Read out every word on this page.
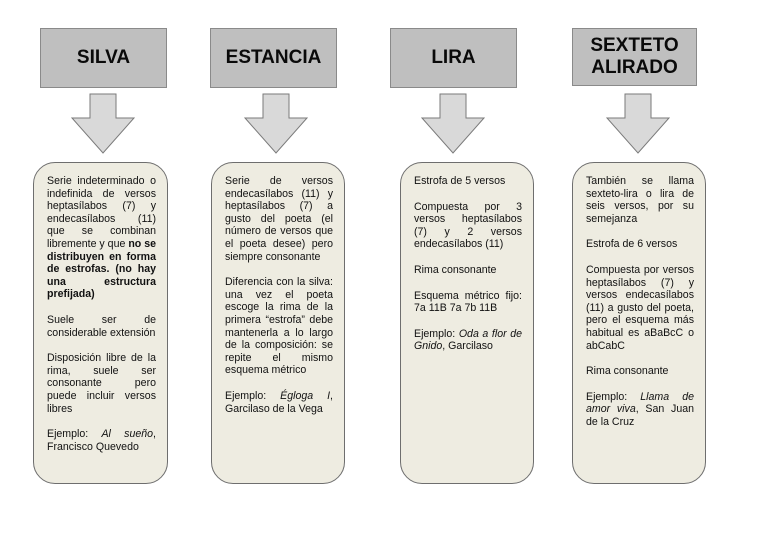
SILVA

Serie indeterminado o indefinida de versos heptasílabos (7) y endecasílabos (11) que se combinan libremente y que no se distribuyen en forma de estrofas. (no hay una estructura prefijada)

Suele ser de considerable extensión

Disposición libre de la rima, suele ser consonante pero puede incluir versos libres

Ejemplo: Al sueño, Francisco Quevedo

ESTANCIA

Serie de versos endecasílabos (11) y heptasílabos (7) a gusto del poeta (el número de versos que el poeta desee) pero siempre consonante

Diferencia con la silva: una vez el poeta escoge la rima de la primera “estrofa” debe mantenerla a lo largo de la composición: se repite el mismo esquema métrico

Ejemplo: Égloga I, Garcilaso de la Vega

LIRA

Estrofa de 5 versos

Compuesta por 3 versos heptasílabos (7) y 2 versos endecasílabos (11)

Rima consonante

Esquema métrico fijo: 7a 11B 7a 7b 11B

Ejemplo: Oda a flor de Gnido, Garcilaso

SEXTETO ALIRADO

También se llama sexteto-lira o lira de seis versos, por su semejanza

Estrofa de 6 versos

Compuesta por versos heptasílabos (7) y versos endecasílabos (11) a gusto del poeta, pero el esquema más habitual es aBaBcC o abCabC

Rima consonante

Ejemplo: Llama de amor viva, San Juan de la Cruz
